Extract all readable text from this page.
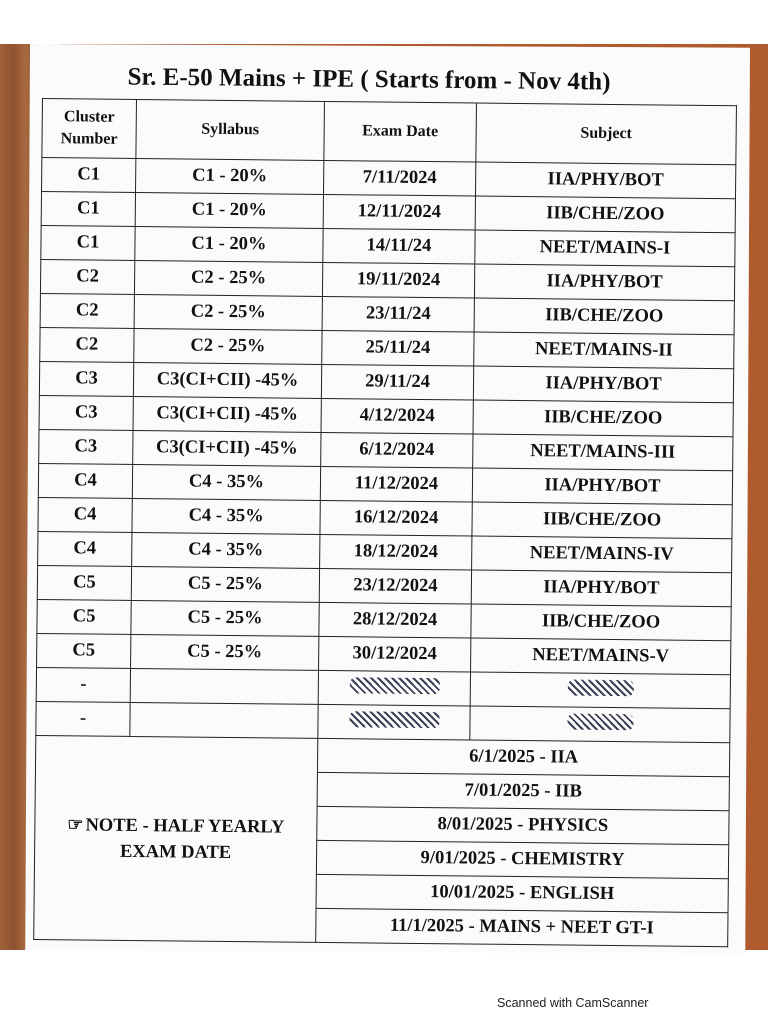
Sr. E-50 Mains + IPE ( Starts from - Nov 4th)
Cluster Number	Syllabus	Exam Date	Subject
C1	C1 - 20%	7/11/2024	IIA/PHY/BOT
C1	C1 - 20%	12/11/2024	IIB/CHE/ZOO
C1	C1 - 20%	14/11/24	NEET/MAINS-I
C2	C2 - 25%	19/11/2024	IIA/PHY/BOT
C2	C2 - 25%	23/11/24	IIB/CHE/ZOO
C2	C2 - 25%	25/11/24	NEET/MAINS-II
C3	C3(CI+CII) -45%	29/11/24	IIA/PHY/BOT
C3	C3(CI+CII) -45%	4/12/2024	IIB/CHE/ZOO
C3	C3(CI+CII) -45%	6/12/2024	NEET/MAINS-III
C4	C4 - 35%	11/12/2024	IIA/PHY/BOT
C4	C4 - 35%	16/12/2024	IIB/CHE/ZOO
C4	C4 - 35%	18/12/2024	NEET/MAINS-IV
C5	C5 - 25%	23/12/2024	IIA/PHY/BOT
C5	C5 - 25%	28/12/2024	IIB/CHE/ZOO
C5	C5 - 25%	30/12/2024	NEET/MAINS-V
-			
-			
☞NOTE - HALF YEARLY
EXAM DATE		6/1/2025 - IIA	
		7/01/2025 - IIB	
		8/01/2025 - PHYSICS	
		9/01/2025 - CHEMISTRY	
		10/01/2025 - ENGLISH	
		11/1/2025 - MAINS + NEET GT-I	
Scanned with CamScanner
